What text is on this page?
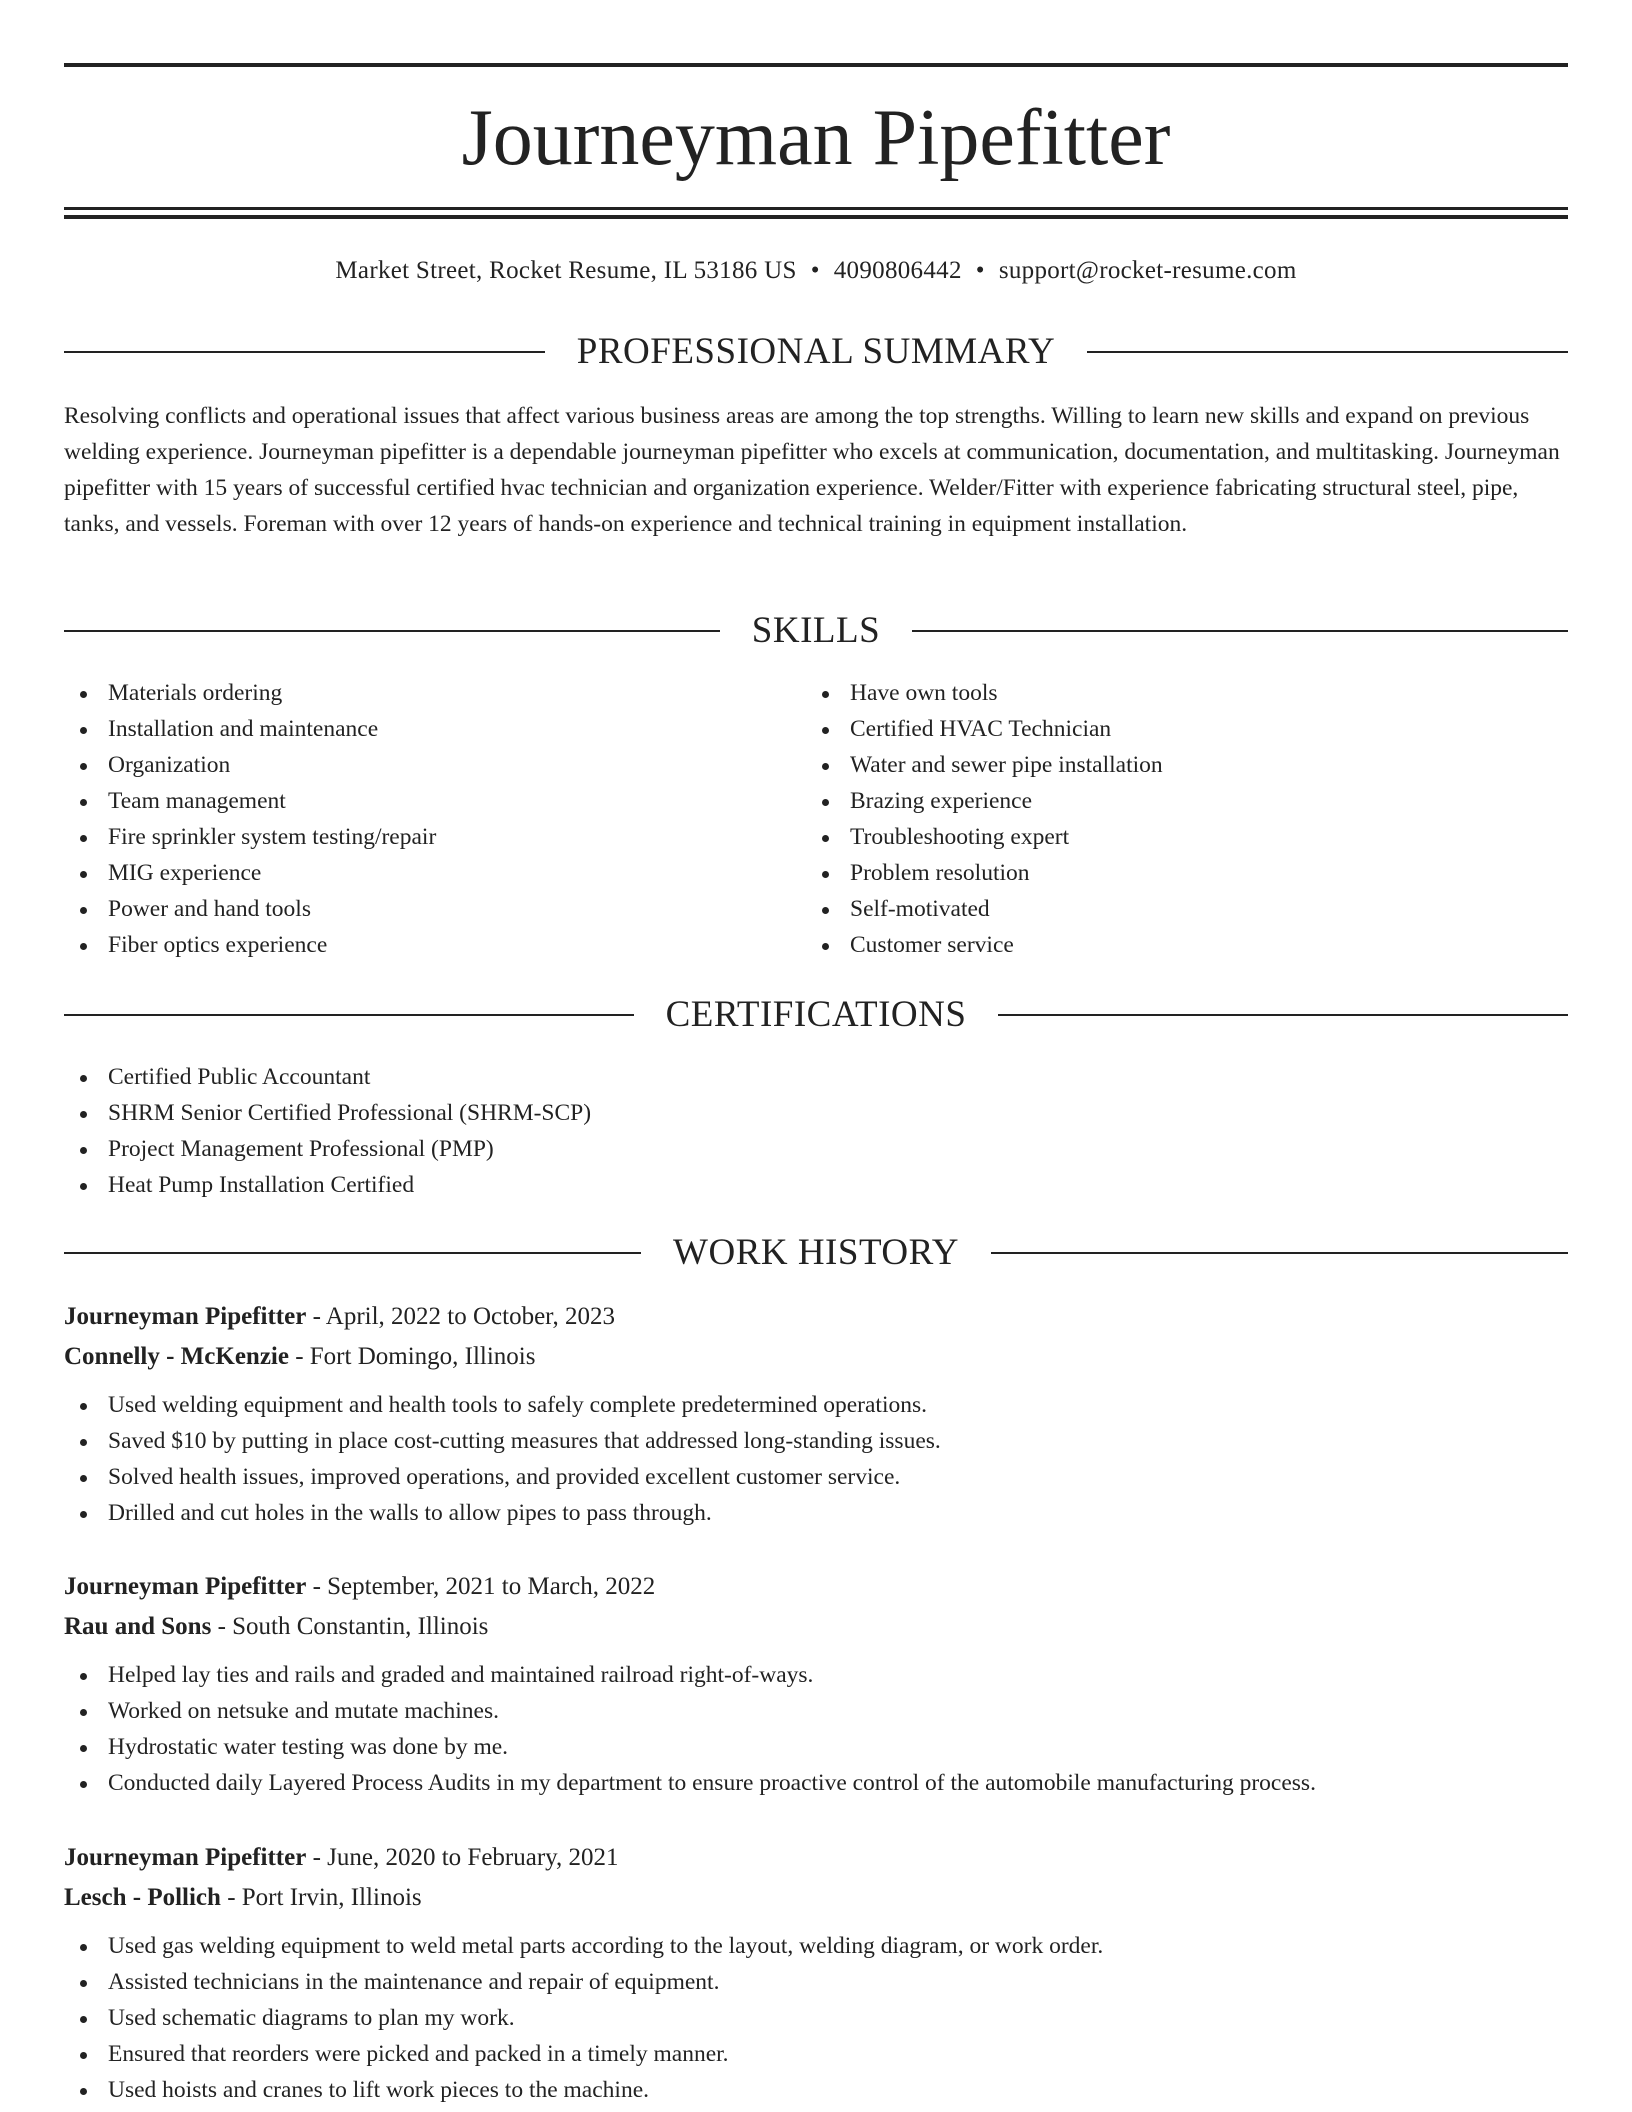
Journeyman Pipefitter
Market Street, Rocket Resume, IL 53186 US • 4090806442 • support@rocket-resume.com
PROFESSIONAL SUMMARY

Resolving conflicts and operational issues that affect various business areas are among the top strengths. Willing to learn new skills and expand on previous welding experience. Journeyman pipefitter is a dependable journeyman pipefitter who excels at communication, documentation, and multitasking. Journeyman pipefitter with 15 years of successful certified hvac technician and organization experience. Welder/Fitter with experience fabricating structural steel, pipe, tanks, and vessels. Foreman with over 12 years of hands-on experience and technical training in equipment installation.

SKILLS
Materials ordering
Installation and maintenance
Organization
Team management
Fire sprinkler system testing/repair
MIG experience
Power and hand tools
Fiber optics experience
Have own tools
Certified HVAC Technician
Water and sewer pipe installation
Brazing experience
Troubleshooting expert
Problem resolution
Self-motivated
Customer service
CERTIFICATIONS
Certified Public Accountant
SHRM Senior Certified Professional (SHRM-SCP)
Project Management Professional (PMP)
Heat Pump Installation Certified
WORK HISTORY
Journeyman Pipefitter - April, 2022 to October, 2023
Connelly - McKenzie - Fort Domingo, Illinois
Used welding equipment and health tools to safely complete predetermined operations.
Saved $10 by putting in place cost-cutting measures that addressed long-standing issues.
Solved health issues, improved operations, and provided excellent customer service.
Drilled and cut holes in the walls to allow pipes to pass through.
Journeyman Pipefitter - September, 2021 to March, 2022
Rau and Sons - South Constantin, Illinois
Helped lay ties and rails and graded and maintained railroad right-of-ways.
Worked on netsuke and mutate machines.
Hydrostatic water testing was done by me.
Conducted daily Layered Process Audits in my department to ensure proactive control of the automobile manufacturing process.
Journeyman Pipefitter - June, 2020 to February, 2021
Lesch - Pollich - Port Irvin, Illinois
Used gas welding equipment to weld metal parts according to the layout, welding diagram, or work order.
Assisted technicians in the maintenance and repair of equipment.
Used schematic diagrams to plan my work.
Ensured that reorders were picked and packed in a timely manner.
Used hoists and cranes to lift work pieces to the machine.
